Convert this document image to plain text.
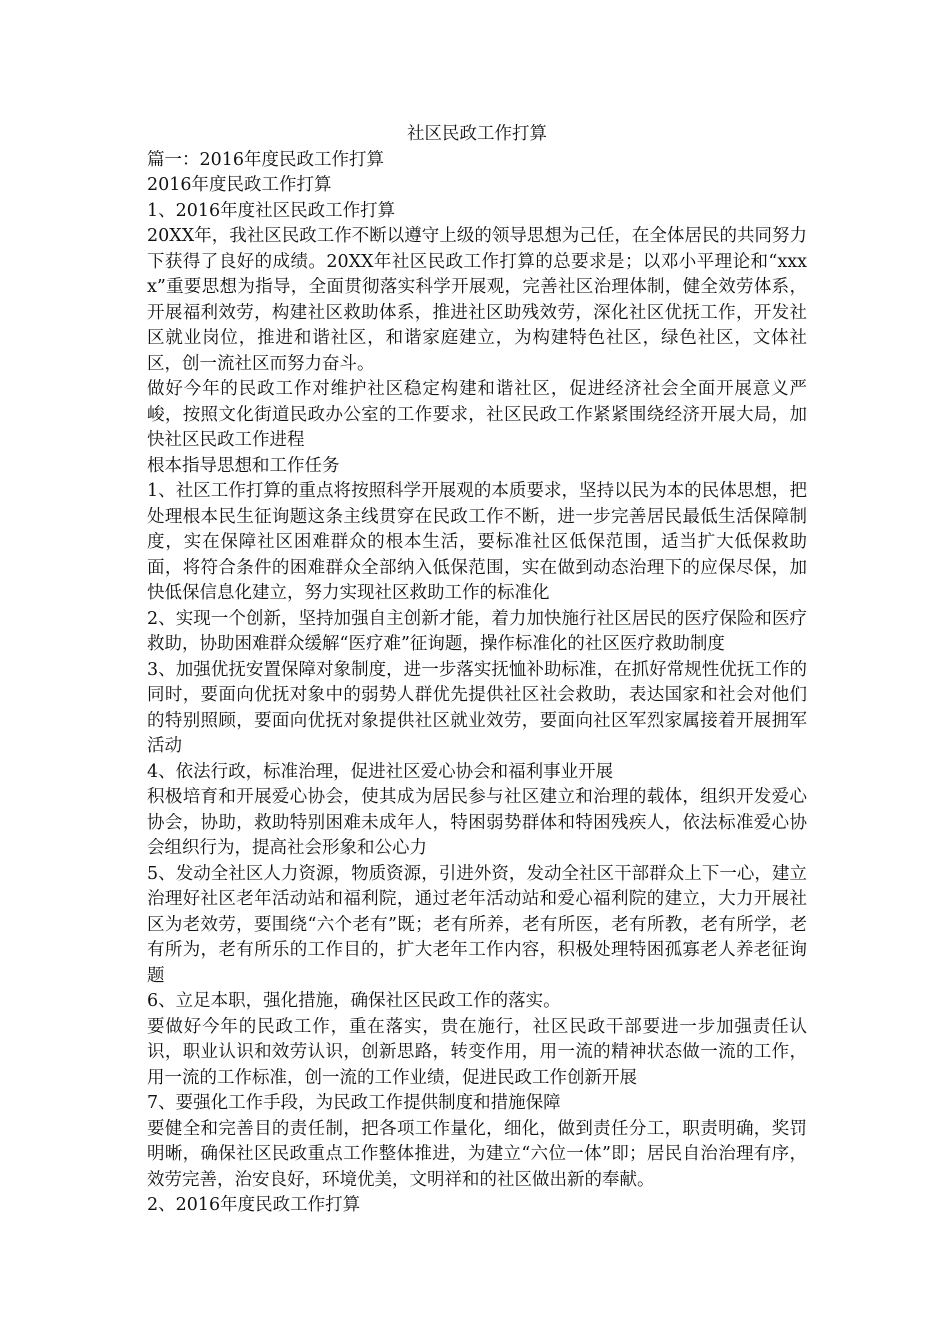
社区民政工作打算

篇一：2016年度民政工作打算

2016年度民政工作打算

1、2016年度社区民政工作打算

20XX年，我社区民政工作不断以遵守上级的领导思想为己任，在全体居民的共同努力下获得了良好的成绩。20XX年社区民政工作打算的总要求是；以邓小平理论和“xxxx”重要思想为指导，全面贯彻落实科学开展观，完善社区治理体制，健全效劳体系，开展福利效劳，构建社区救助体系，推进社区助残效劳，深化社区优抚工作，开发社区就业岗位，推进和谐社区，和谐家庭建立，为构建特色社区，绿色社区，文体社区，创一流社区而努力奋斗。

做好今年的民政工作对维护社区稳定构建和谐社区，促进经济社会全面开展意义严峻，按照文化街道民政办公室的工作要求，社区民政工作紧紧围绕经济开展大局，加快社区民政工作进程

根本指导思想和工作任务

1、社区工作打算的重点将按照科学开展观的本质要求，坚持以民为本的民体思想，把处理根本民生征询题这条主线贯穿在民政工作不断，进一步完善居民最低生活保障制度，实在保障社区困难群众的根本生活，要标准社区低保范围，适当扩大低保救助面，将符合条件的困难群众全部纳入低保范围，实在做到动态治理下的应保尽保，加快低保信息化建立，努力实现社区救助工作的标准化

2、实现一个创新，坚持加强自主创新才能，着力加快施行社区居民的医疗保险和医疗救助，协助困难群众缓解“医疗难”征询题，操作标准化的社区医疗救助制度

3、加强优抚安置保障对象制度，进一步落实抚恤补助标准，在抓好常规性优抚工作的同时，要面向优抚对象中的弱势人群优先提供社区社会救助，表达国家和社会对他们的特别照顾，要面向优抚对象提供社区就业效劳，要面向社区军烈家属接着开展拥军活动

4、依法行政，标准治理，促进社区爱心协会和福利事业开展

积极培育和开展爱心协会，使其成为居民参与社区建立和治理的载体，组织开发爱心协会，协助，救助特别困难未成年人，特困弱势群体和特困残疾人，依法标准爱心协会组织行为，提高社会形象和公心力

5、发动全社区人力资源，物质资源，引进外资，发动全社区干部群众上下一心，建立治理好社区老年活动站和福利院，通过老年活动站和爱心福利院的建立，大力开展社区为老效劳，要围绕“六个老有”既；老有所养，老有所医，老有所教，老有所学，老有所为，老有所乐的工作目的，扩大老年工作内容，积极处理特困孤寡老人养老征询题

6、立足本职，强化措施，确保社区民政工作的落实。

要做好今年的民政工作，重在落实，贵在施行，社区民政干部要进一步加强责任认识，职业认识和效劳认识，创新思路，转变作用，用一流的精神状态做一流的工作，用一流的工作标准，创一流的工作业绩，促进民政工作创新开展

7、要强化工作手段，为民政工作提供制度和措施保障

要健全和完善目的责任制，把各项工作量化，细化，做到责任分工，职责明确，奖罚明晰，确保社区民政重点工作整体推进，为建立“六位一体”即；居民自治治理有序，效劳完善，治安良好，环境优美，文明祥和的社区做出新的奉献。

2、2016年度民政工作打算
